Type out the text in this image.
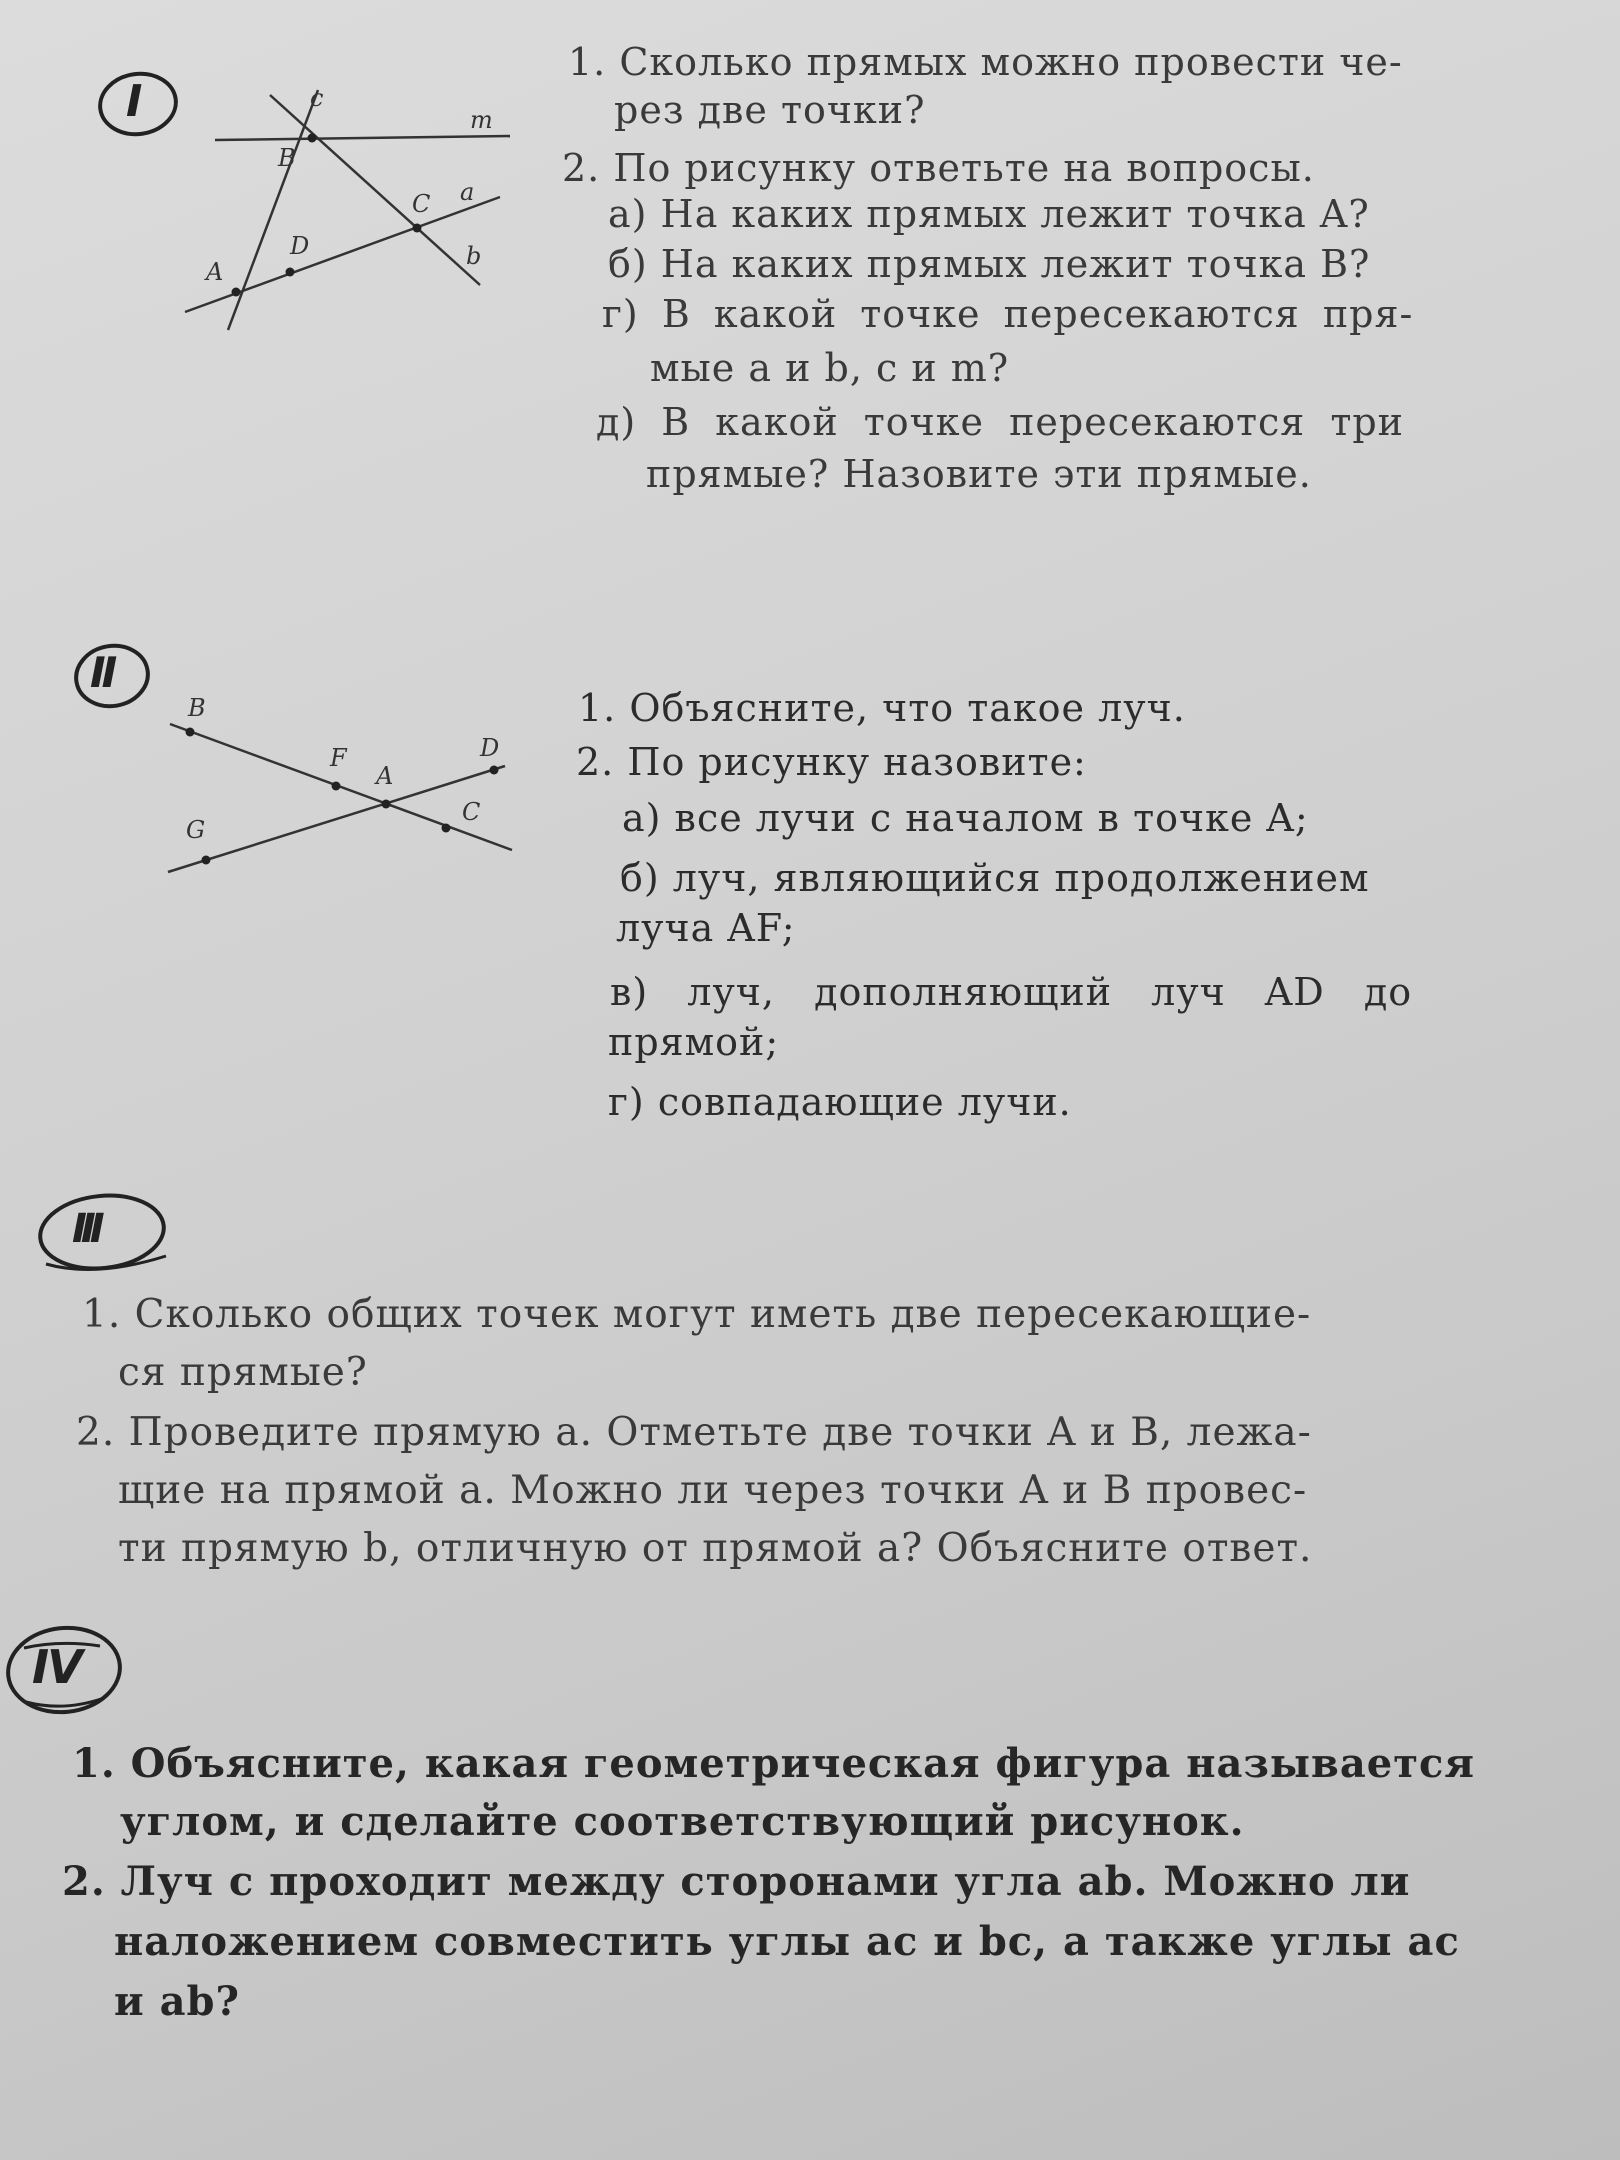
I	c
m
B
C a
D
A
b
1. Сколько прямых можно провести че-
рез две точки?
2. По рисунку ответьте на вопросы.
а) На каких прямых лежит точка A?
б) На каких прямых лежит точка B?
г) В какой точке пересекаются пря-
мые a и b, c и m?
д) В какой точке пересекаются три
прямые? Назовите эти прямые.
II
B
F
A
D
C
G
1. Объясните, что такое луч.
2. По рисунку назовите:
а) все лучи с началом в точке A;
б) луч, являющийся продолжением
луча AF;
в) луч, дополняющий луч AD до
прямой;
г) совпадающие лучи.
III
1. Сколько общих точек могут иметь две пересекающие-
ся прямые?
2. Проведите прямую a. Отметьте две точки A и B, лежа-
щие на прямой a. Можно ли через точки A и B провес-
ти прямую b, отличную от прямой a? Объясните ответ.
IV
1. Объясните, какая геометрическая фигура называется
углом, и сделайте соответствующий рисунок.
2. Луч c проходит между сторонами угла ab. Можно ли
наложением совместить углы ac и bc, а также углы ac
и ab?
